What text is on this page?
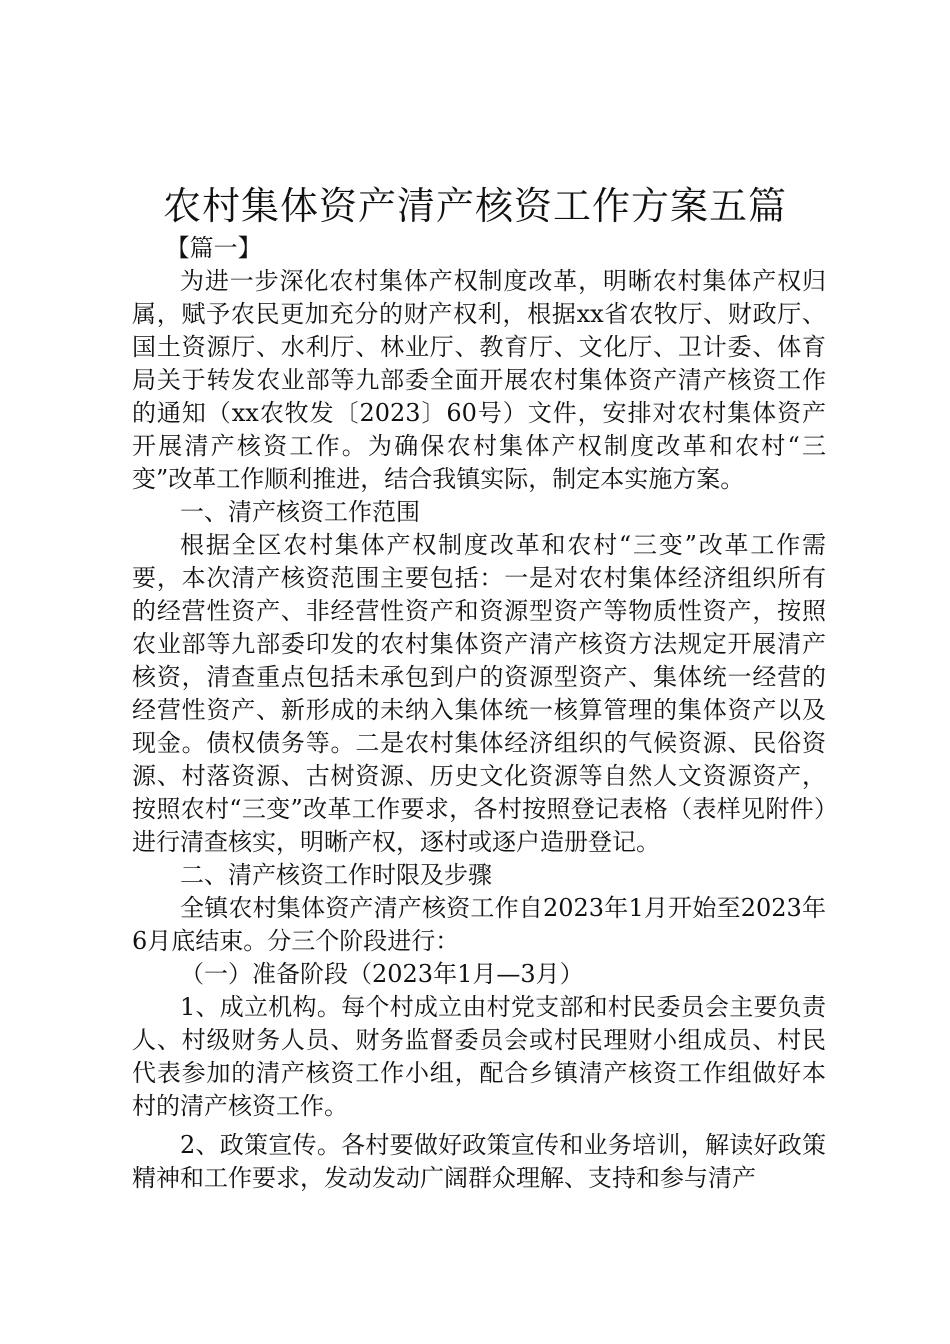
农村集体资产清产核资工作方案五篇

【篇一】

为进一步深化农村集体产权制度改革，明晰农村集体产权归属，赋予农民更加充分的财产权利，根据xx省农牧厅、财政厅、国土资源厅、水利厅、林业厅、教育厅、文化厅、卫计委、体育局关于转发农业部等九部委全面开展农村集体资产清产核资工作的通知（xx农牧发〔2023〕60号）文件，安排对农村集体资产开展清产核资工作。为确保农村集体产权制度改革和农村“三变”改革工作顺利推进，结合我镇实际，制定本实施方案。

一、清产核资工作范围

根据全区农村集体产权制度改革和农村“三变”改革工作需要，本次清产核资范围主要包括：一是对农村集体经济组织所有的经营性资产、非经营性资产和资源型资产等物质性资产，按照农业部等九部委印发的农村集体资产清产核资方法规定开展清产核资，清查重点包括未承包到户的资源型资产、集体统一经营的经营性资产、新形成的未纳入集体统一核算管理的集体资产以及现金。债权债务等。二是农村集体经济组织的气候资源、民俗资源、村落资源、古树资源、历史文化资源等自然人文资源资产，按照农村“三变”改革工作要求，各村按照登记表格（表样见附件）进行清查核实，明晰产权，逐村或逐户造册登记。

二、清产核资工作时限及步骤

全镇农村集体资产清产核资工作自2023年1月开始至2023年6月底结束。分三个阶段进行：

（一）准备阶段（2023年1月—3月）

1、成立机构。每个村成立由村党支部和村民委员会主要负责人、村级财务人员、财务监督委员会或村民理财小组成员、村民代表参加的清产核资工作小组，配合乡镇清产核资工作组做好本村的清产核资工作。

2、政策宣传。各村要做好政策宣传和业务培训，解读好政策精神和工作要求，发动发动广阔群众理解、支持和参与清产
